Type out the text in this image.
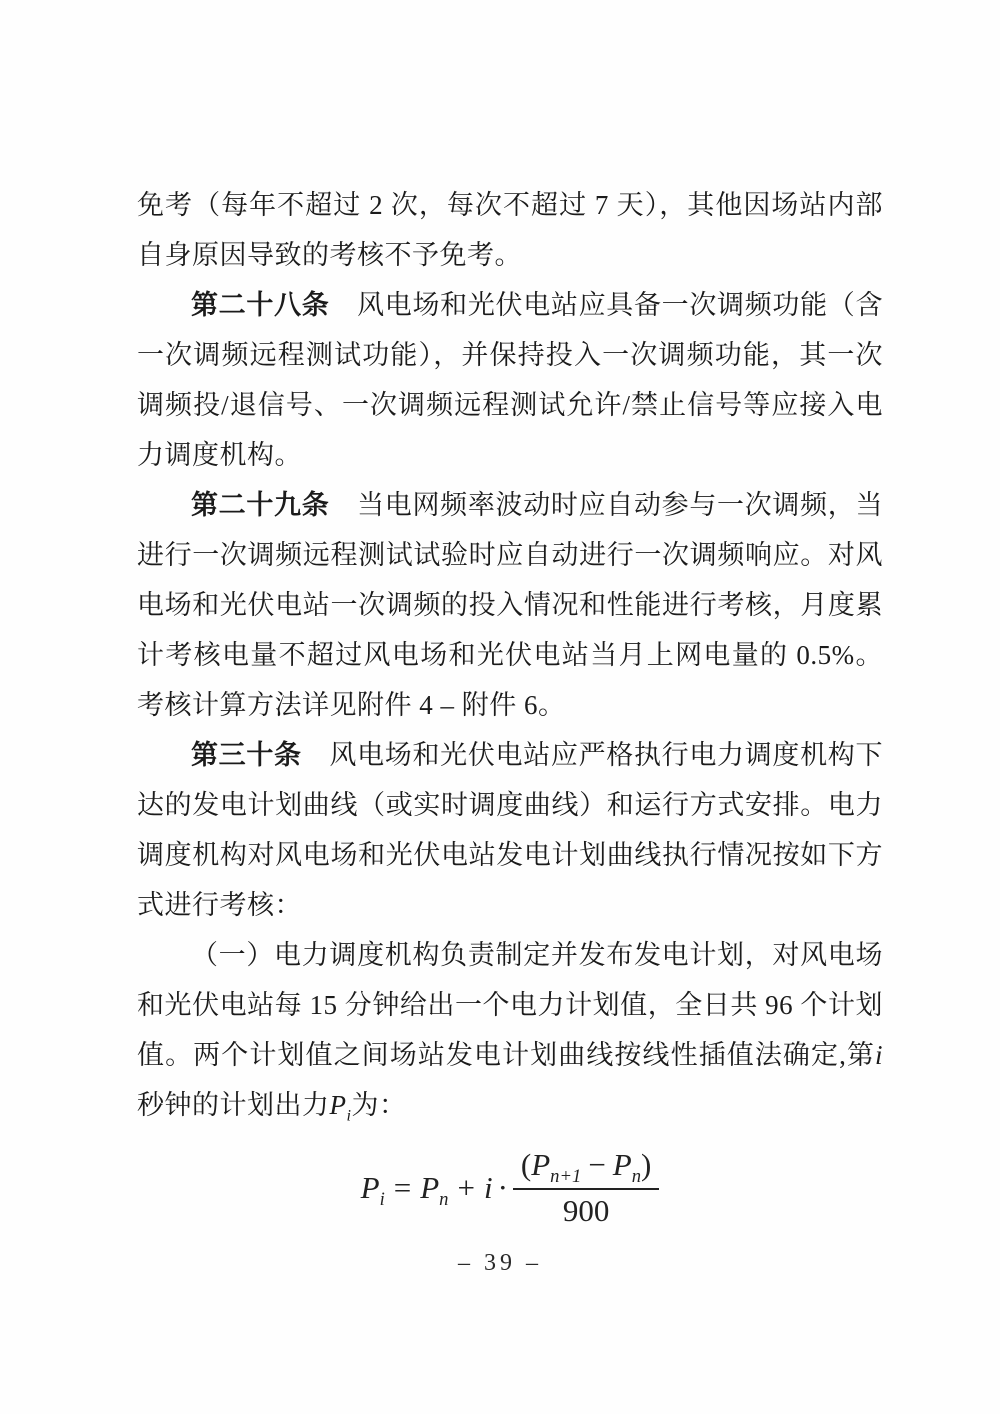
免考（每年不超过 2 次，每次不超过 7 天），其他因场站内部自身原因导致的考核不予免考。

第二十八条　风电场和光伏电站应具备一次调频功能（含一次调频远程测试功能），并保持投入一次调频功能，其一次调频投/退信号、一次调频远程测试允许/禁止信号等应接入电力调度机构。

第二十九条　当电网频率波动时应自动参与一次调频，当进行一次调频远程测试试验时应自动进行一次调频响应。对风电场和光伏电站一次调频的投入情况和性能进行考核，月度累计考核电量不超过风电场和光伏电站当月上网电量的 0.5%。考核计算方法详见附件 4 – 附件 6。

第三十条　风电场和光伏电站应严格执行电力调度机构下达的发电计划曲线（或实时调度曲线）和运行方式安排。电力调度机构对风电场和光伏电站发电计划曲线执行情况按如下方式进行考核：

（一）电力调度机构负责制定并发布发电计划，对风电场和光伏电站每 15 分钟给出一个电力计划值，全日共 96 个计划值。两个计划值之间场站发电计划曲线按线性插值法确定,第i秒钟的计划出力$P_i$为：

$P_i = P_n + i \cdot \frac{(P_{n+1} - P_n)}{900}$
– 39 –
